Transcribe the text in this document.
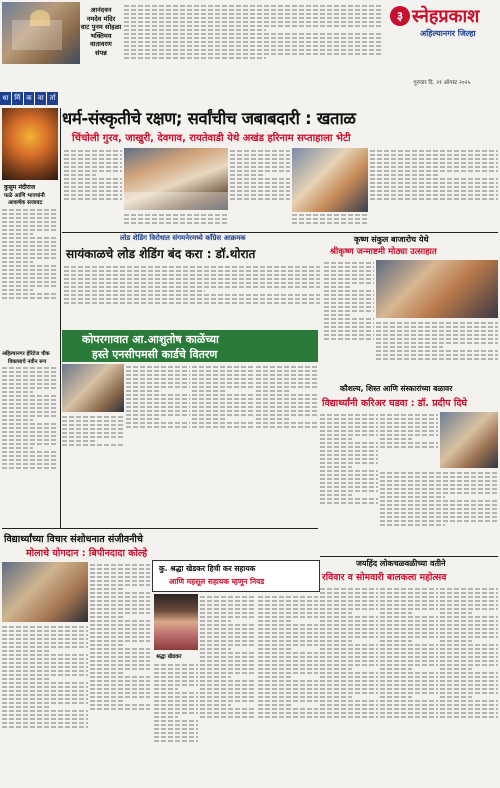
आनंदवन
नमदेव मंदिर
वाट पुनम सोहळा
भक्तिमय
वातावरण
संपन्न
३ स्नेहप्रकाश
अहिल्यानगर जिल्हा
गुरुवार दि. २१ ऑगस्ट २०२५
धा र्मि क वा र्ता
कुसुम मंदीराज
फळे आणि भाज्यांनी
आकर्षक सजावट
अहिल्यानगर हेरिटेज चौक
विकासाचे नवीन रूप
धर्म-संस्कृतीचे रक्षण; सर्वांचीच जबाबदारी : खताळ
चिंचोली गुरव, जाखुरी, देवगाव, रायतेवाडी येथे अखंड हरिनाम सप्ताहाला भेटी
लोड शेडिंग विरोधात संगमनेरमध्ये काँग्रेस आक्रमक
सायंकाळचे लोड शेडिंग बंद करा : डॉ.थोरात
कृष्ण संकुल बाजारोच येथे
श्रीकृष्ण जन्माष्टमी मोठ्या उत्साहात
कोपरगावात आ.आशुतोष काळेंच्या
हस्ते एनसीपमसी कार्डचे वितरण
कौशल्य, शिस्त आणि संस्कारांच्या बळावर
विद्यार्थ्यांनी करिअर घडवा : डॉ. प्रदीप दिघे
विद्यार्थ्यांच्या विचार संशोधनात संजीवनीचे
मोलाचे योगदान : बिपीनदादा कोल्हे
कु. श्रद्धा खेडकर हिची कर सहायक
आणि महसूल सहायक म्हणून निवड
श्रद्धा खेडकर
जयहिंद लोकचळवळीच्या वतीने
रविवार व सोमवारी बालकला महोत्सव
